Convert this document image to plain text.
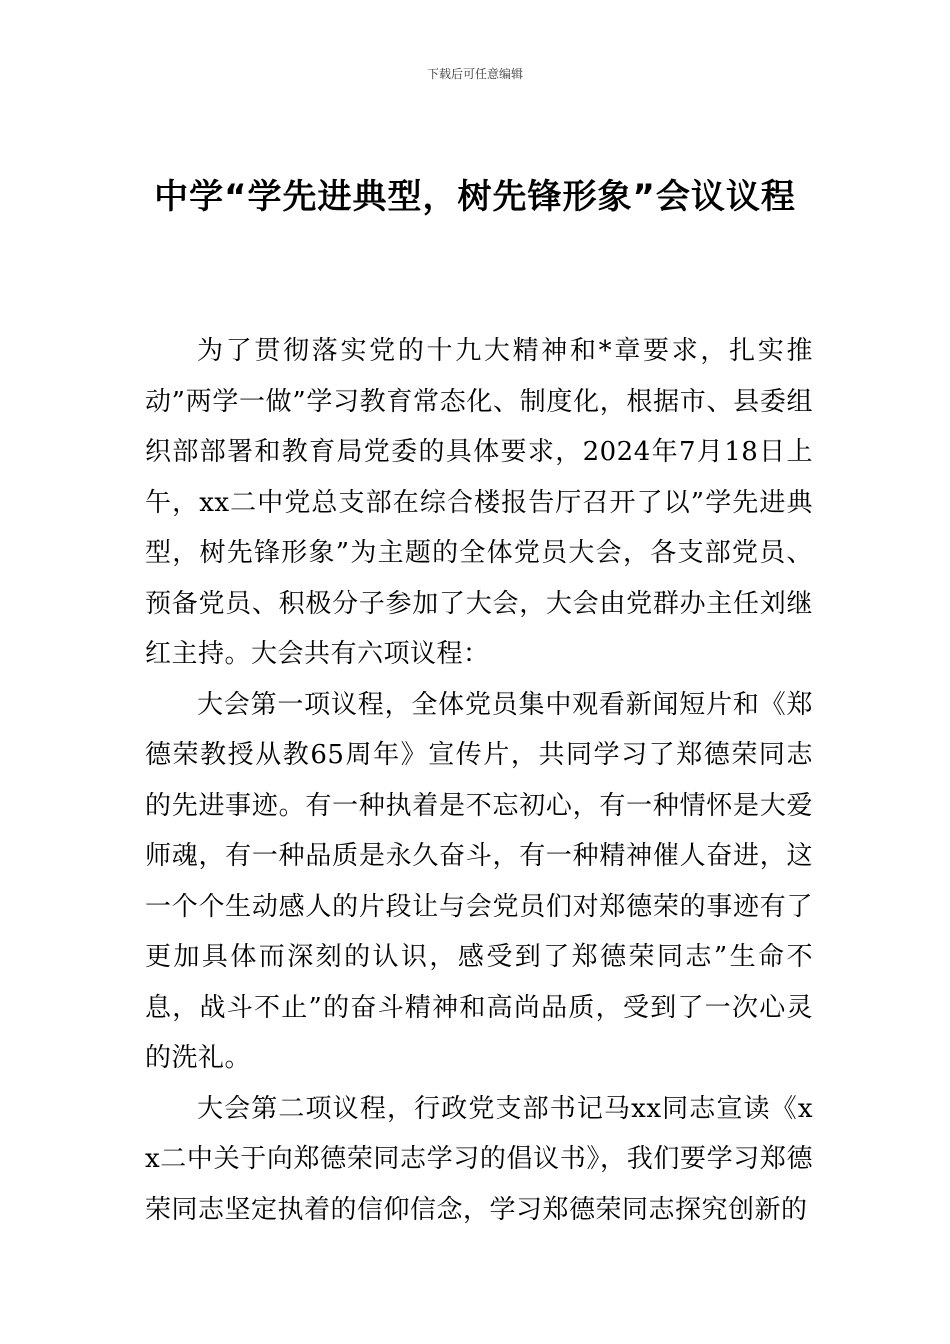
下载后可任意编辑
中学“学先进典型，树先锋形象”会议议程

为了贯彻落实党的十九大精神和*章要求，扎实推动”两学一做”学习教育常态化、制度化，根据市、县委组织部部署和教育局党委的具体要求，2024年7月18日上午，xx二中党总支部在综合楼报告厅召开了以”学先进典型，树先锋形象”为主题的全体党员大会，各支部党员、预备党员、积极分子参加了大会，大会由党群办主任刘继红主持。大会共有六项议程：

大会第一项议程，全体党员集中观看新闻短片和《郑德荣教授从教65周年》宣传片，共同学习了郑德荣同志的先进事迹。有一种执着是不忘初心，有一种情怀是大爱师魂，有一种品质是永久奋斗，有一种精神催人奋进，这一个个生动感人的片段让与会党员们对郑德荣的事迹有了更加具体而深刻的认识，感受到了郑德荣同志”生命不息，战斗不止”的奋斗精神和高尚品质，受到了一次心灵的洗礼。

大会第二项议程，行政党支部书记马xx同志宣读《xx二中关于向郑德荣同志学习的倡议书》，我们要学习郑德荣同志坚定执着的信仰信念，学习郑德荣同志探究创新的
